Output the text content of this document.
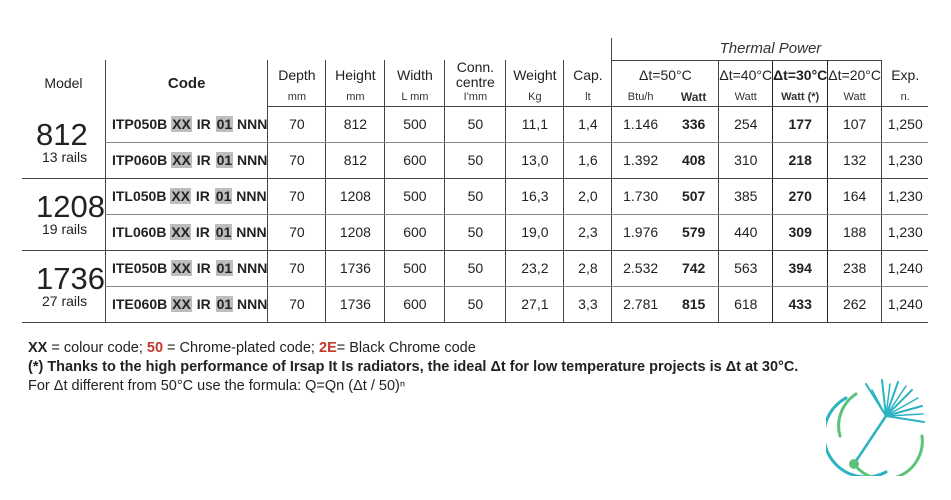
								Thermal Power					
Model	Code	Depth	Height	Width	Conn. centre	Weight	Cap.	Δt=50°C		Δt=40°C	Δt=30°C	Δt=20°C	Exp.
		mm	mm	L mm	I'mm	Kg	lt	Btu/h	Watt	Watt	Watt (*)	Watt	n.

812
13 rails	ITP050B XX IR 01 NNN	70	812	500	50	11,1	1,4	1.146	336	254	177	107	1,250
	ITP060B XX IR 01 NNN	70	812	600	50	13,0	1,6	1.392	408	310	218	132	1,230

1208
19 rails	ITL050B XX IR 01 NNN	70	1208	500	50	16,3	2,0	1.730	507	385	270	164	1,230
	ITL060B XX IR 01 NNN	70	1208	600	50	19,0	2,3	1.976	579	440	309	188	1,230

1736
27 rails	ITE050B XX IR 01 NNN	70	1736	500	50	23,2	2,8	2.532	742	563	394	238	1,240
	ITE060B XX IR 01 NNN	70	1736	600	50	27,1	3,3	2.781	815	618	433	262	1,240
XX = colour code; 50 = Chrome-plated code; 2E= Black Chrome code
(*) Thanks to the high performance of Irsap It Is radiators, the ideal Δt for low temperature projects is Δt at 30°C.
For Δt different from 50°C use the formula: Q=Qn (Δt / 50)ⁿ
